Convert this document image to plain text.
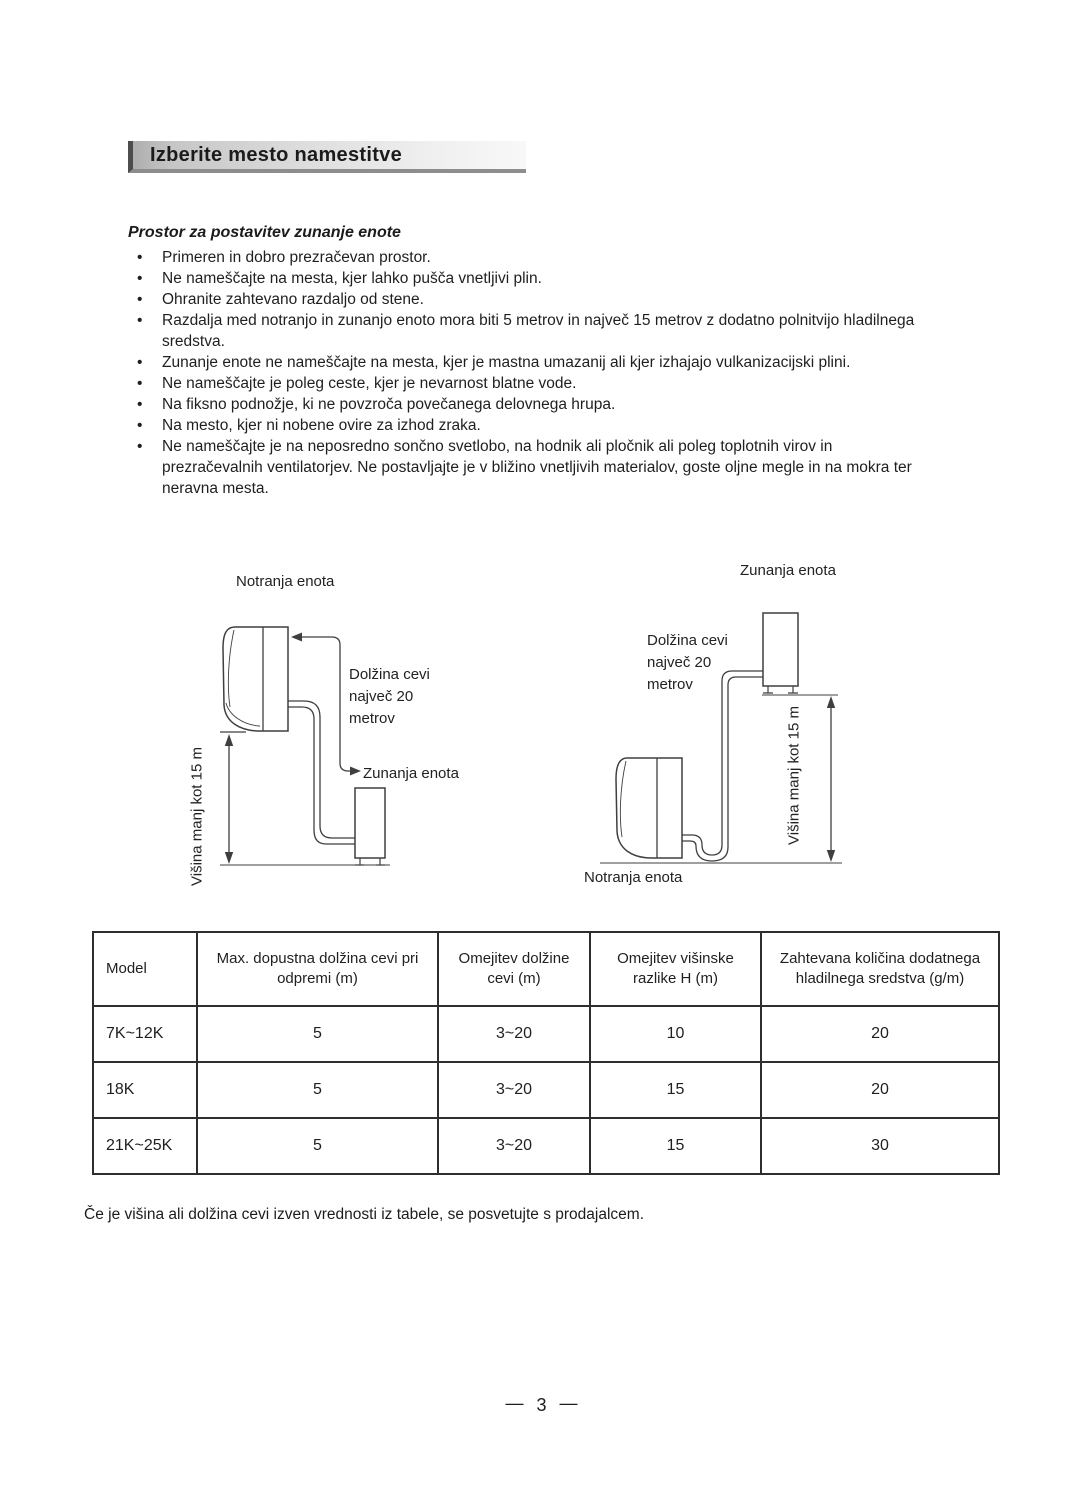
Izberite mesto namestitve

Prostor za postavitev zunanje enote

•	Primeren in dobro prezračevan prostor.
•	Ne nameščajte na mesta, kjer lahko pušča vnetljivi plin.
•	Ohranite zahtevano razdaljo od stene.
•	Razdalja med notranjo in zunanjo enoto mora biti 5 metrov in največ 15 metrov z dodatno polnitvijo hladilnega sredstva.
•	Zunanje enote ne nameščajte na mesta, kjer je mastna umazanij ali kjer izhajajo vulkanizacijski plini.
•	Ne nameščajte je poleg ceste, kjer je nevarnost blatne vode.
•	Na fiksno podnožje, ki ne povzroča povečanega delovnega hrupa.
•	Na mesto, kjer ni nobene ovire za izhod zraka.
•	Ne nameščajte je na neposredno sončno svetlobo, na hodnik ali pločnik ali poleg toplotnih virov in prezračevalnih ventilatorjev. Ne postavljajte je v bližino vnetljivih materialov, goste oljne megle in na mokra ter neravna mesta.
Notranja enota
Dolžina cevi
največ 20
metrov
Zunanja enota
Višina manj kot 15 m
Zunanja enota
Dolžina cevi
največ 20
metrov
Notranja enota
Višina manj kot 15 m
Model	Max. dopustna dolžina cevi pri odpremi (m)	Omejitev dolžine cevi (m)	Omejitev višinske razlike H (m)	Zahtevana količina dodatnega hladilnega sredstva (g/m)
7K~12K	5	3~20	10	20
18K	5	3~20	15	20
21K~25K	5	3~20	15	30

Če je višina ali dolžina cevi izven vrednosti iz tabele, se posvetujte s prodajalcem.

— 3 —
